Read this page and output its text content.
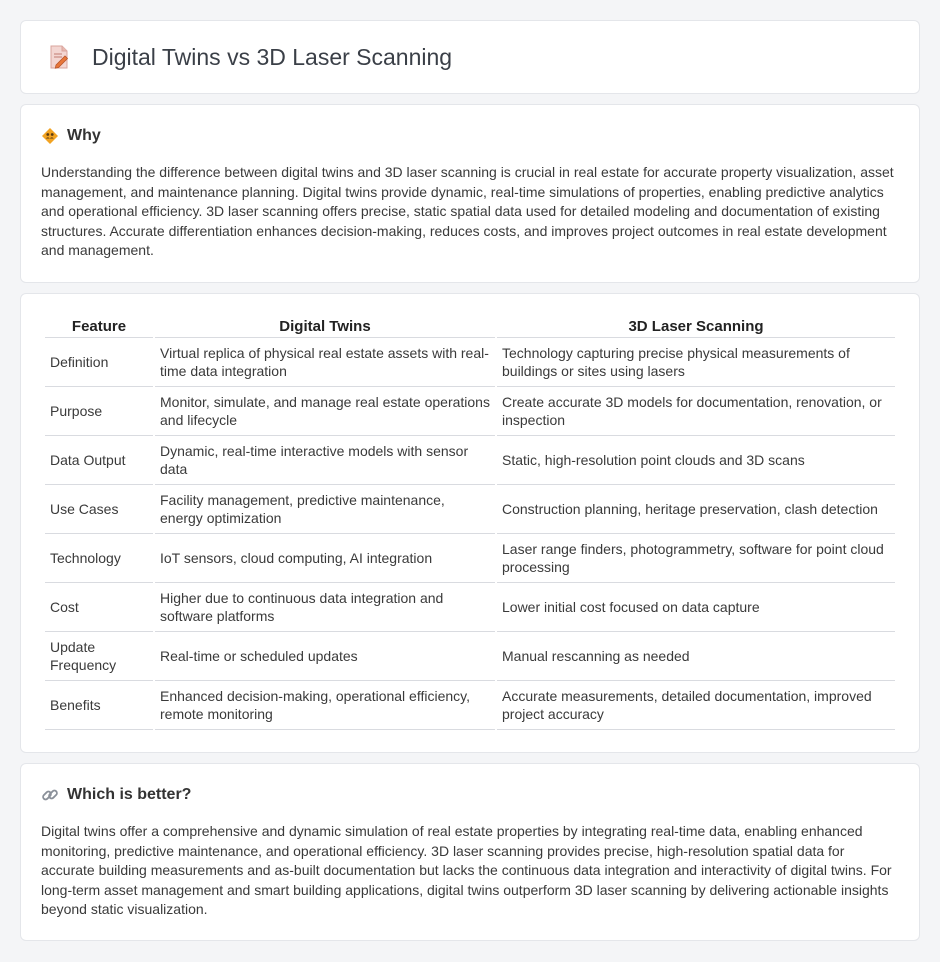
Digital Twins vs 3D Laser Scanning
Why

Understanding the difference between digital twins and 3D laser scanning is crucial in real estate for accurate property visualization, asset management, and maintenance planning. Digital twins provide dynamic, real-time simulations of properties, enabling predictive analytics and operational efficiency. 3D laser scanning offers precise, static spatial data used for detailed modeling and documentation of existing structures. Accurate differentiation enhances decision-making, reduces costs, and improves project outcomes in real estate development and management.

Feature	Digital Twins	3D Laser Scanning
Definition	Virtual replica of physical real estate assets with real-time data integration	Technology capturing precise physical measurements of buildings or sites using lasers
Purpose	Monitor, simulate, and manage real estate operations and lifecycle	Create accurate 3D models for documentation, renovation, or inspection
Data Output	Dynamic, real-time interactive models with sensor data	Static, high-resolution point clouds and 3D scans
Use Cases	Facility management, predictive maintenance, energy optimization	Construction planning, heritage preservation, clash detection
Technology	IoT sensors, cloud computing, AI integration	Laser range finders, photogrammetry, software for point cloud processing
Cost	Higher due to continuous data integration and software platforms	Lower initial cost focused on data capture
Update Frequency	Real-time or scheduled updates	Manual rescanning as needed
Benefits	Enhanced decision-making, operational efficiency, remote monitoring	Accurate measurements, detailed documentation, improved project accuracy
Which is better?

Digital twins offer a comprehensive and dynamic simulation of real estate properties by integrating real-time data, enabling enhanced monitoring, predictive maintenance, and operational efficiency. 3D laser scanning provides precise, high-resolution spatial data for accurate building measurements and as-built documentation but lacks the continuous data integration and interactivity of digital twins. For long-term asset management and smart building applications, digital twins outperform 3D laser scanning by delivering actionable insights beyond static visualization.
